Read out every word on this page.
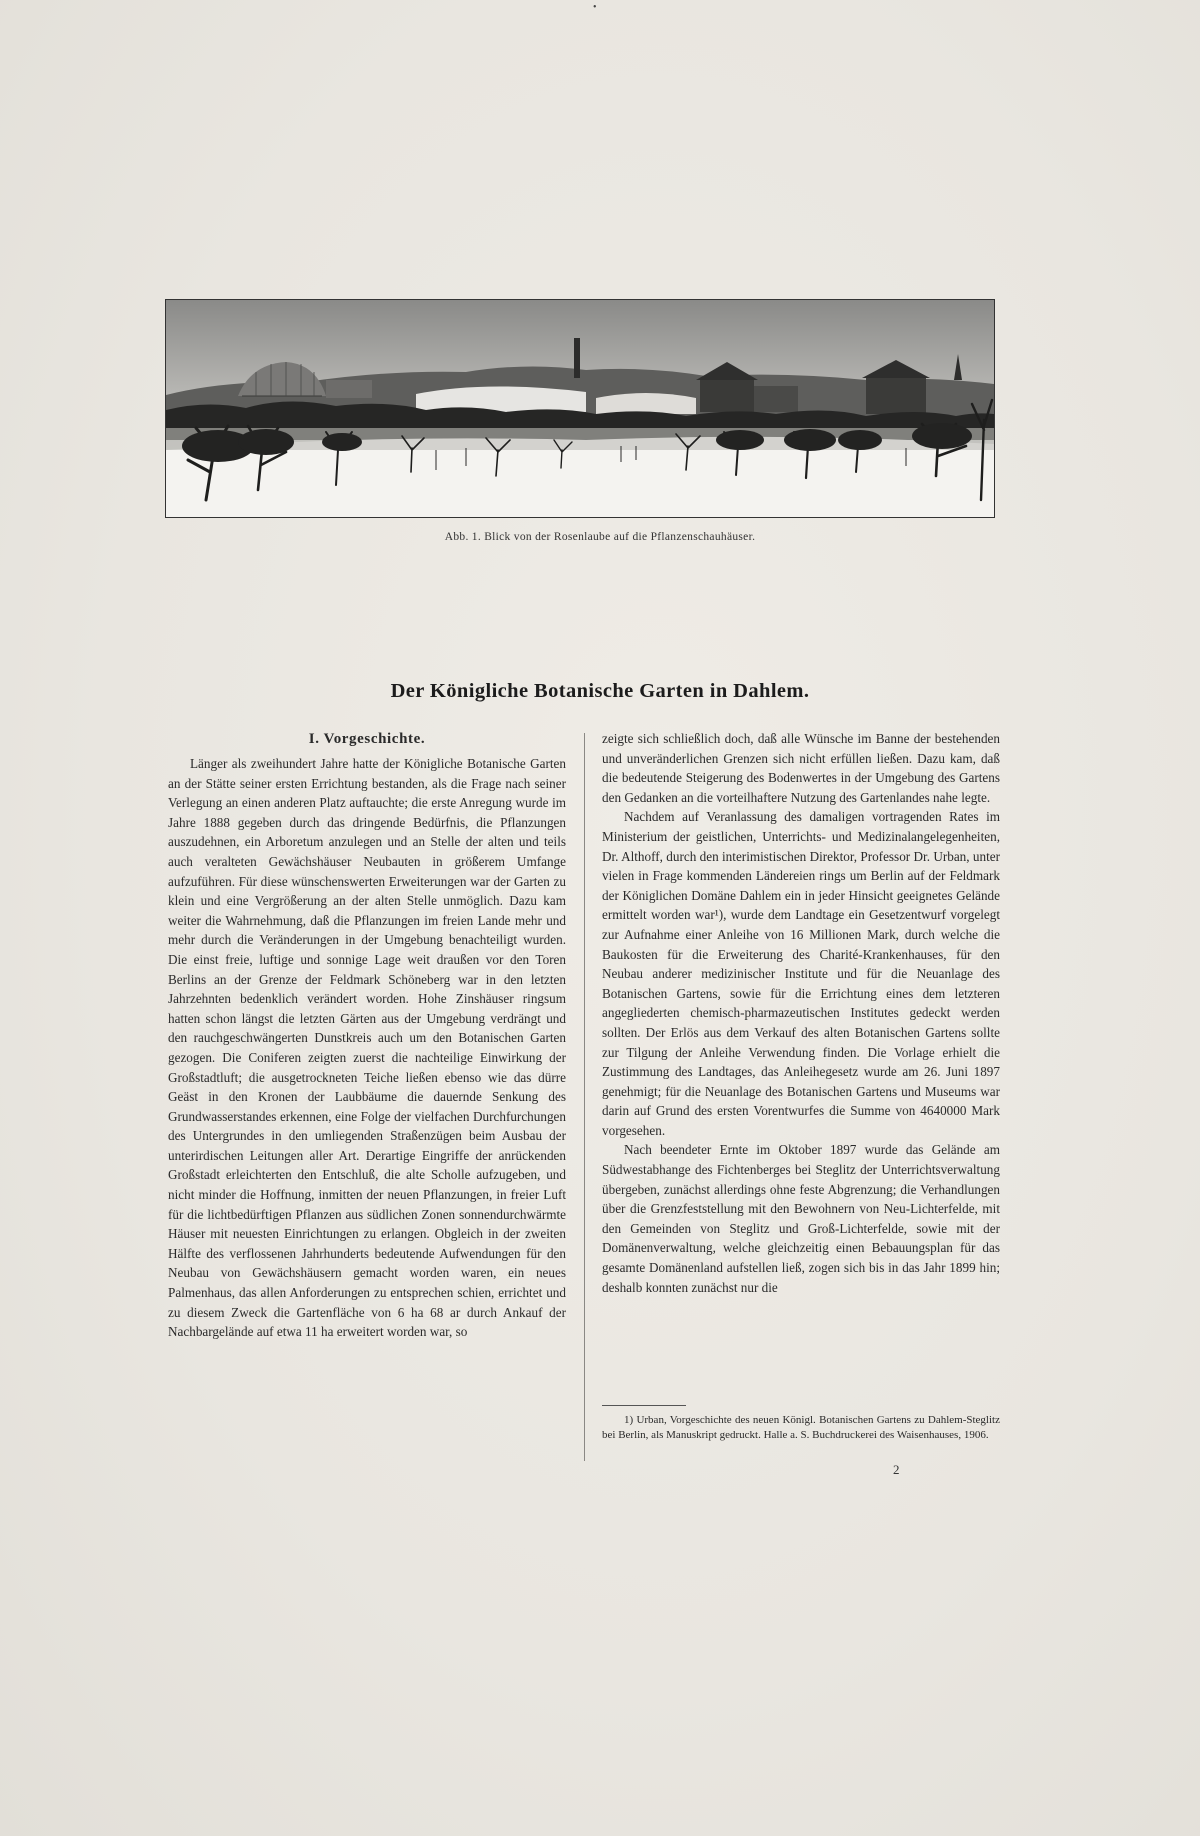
•
Abb. 1. Blick von der Rosenlaube auf die Pflanzenschauhäuser.
Der Königliche Botanische Garten in Dahlem.
I. Vorgeschichte.

Länger als zweihundert Jahre hatte der Königliche Botanische Garten an der Stätte seiner ersten Errichtung bestanden, als die Frage nach seiner Verlegung an einen anderen Platz auftauchte; die erste Anregung wurde im Jahre 1888 gegeben durch das dringende Bedürfnis, die Pflanzungen auszudehnen, ein Arboretum anzulegen und an Stelle der alten und teils auch veralteten Gewächshäuser Neubauten in größerem Umfange aufzuführen. Für diese wünschenswerten Erweiterungen war der Garten zu klein und eine Vergrößerung an der alten Stelle unmöglich. Dazu kam weiter die Wahrnehmung, daß die Pflanzungen im freien Lande mehr und mehr durch die Veränderungen in der Umgebung benachteiligt wurden. Die einst freie, luftige und sonnige Lage weit draußen vor den Toren Berlins an der Grenze der Feldmark Schöneberg war in den letzten Jahrzehnten bedenklich verändert worden. Hohe Zinshäuser ringsum hatten schon längst die letzten Gärten aus der Umgebung verdrängt und den rauchgeschwängerten Dunstkreis auch um den Botanischen Garten gezogen. Die Coniferen zeigten zuerst die nachteilige Einwirkung der Großstadtluft; die ausgetrockneten Teiche ließen ebenso wie das dürre Geäst in den Kronen der Laubbäume die dauernde Senkung des Grundwasserstandes erkennen, eine Folge der vielfachen Durchfurchungen des Untergrundes in den umliegenden Straßenzügen beim Ausbau der unterirdischen Leitungen aller Art. Derartige Eingriffe der anrückenden Großstadt erleichterten den Entschluß, die alte Scholle aufzugeben, und nicht minder die Hoffnung, inmitten der neuen Pflanzungen, in freier Luft für die lichtbedürftigen Pflanzen aus südlichen Zonen sonnendurchwärmte Häuser mit neuesten Einrichtungen zu erlangen. Obgleich in der zweiten Hälfte des verflossenen Jahrhunderts bedeutende Aufwendungen für den Neubau von Gewächshäusern gemacht worden waren, ein neues Palmenhaus, das allen Anforderungen zu entsprechen schien, errichtet und zu diesem Zweck die Gartenfläche von 6 ha 68 ar durch Ankauf der Nachbargelände auf etwa 11 ha erweitert worden war, so

zeigte sich schließlich doch, daß alle Wünsche im Banne der bestehenden und unveränderlichen Grenzen sich nicht erfüllen ließen. Dazu kam, daß die bedeutende Steigerung des Bodenwertes in der Umgebung des Gartens den Gedanken an die vorteilhaftere Nutzung des Gartenlandes nahe legte.

Nachdem auf Veranlassung des damaligen vortragenden Rates im Ministerium der geistlichen, Unterrichts- und Medizinalangelegenheiten, Dr. Althoff, durch den interimistischen Direktor, Professor Dr. Urban, unter vielen in Frage kommenden Ländereien rings um Berlin auf der Feldmark der Königlichen Domäne Dahlem ein in jeder Hinsicht geeignetes Gelände ermittelt worden war¹), wurde dem Landtage ein Gesetzentwurf vorgelegt zur Aufnahme einer Anleihe von 16 Millionen Mark, durch welche die Baukosten für die Erweiterung des Charité-Krankenhauses, für den Neubau anderer medizinischer Institute und für die Neuanlage des Botanischen Gartens, sowie für die Errichtung eines dem letzteren angegliederten chemisch-pharmazeutischen Institutes gedeckt werden sollten. Der Erlös aus dem Verkauf des alten Botanischen Gartens sollte zur Tilgung der Anleihe Verwendung finden. Die Vorlage erhielt die Zustimmung des Landtages, das Anleihegesetz wurde am 26. Juni 1897 genehmigt; für die Neuanlage des Botanischen Gartens und Museums war darin auf Grund des ersten Vorentwurfes die Summe von 4640000 Mark vorgesehen.

Nach beendeter Ernte im Oktober 1897 wurde das Gelände am Südwestabhange des Fichtenberges bei Steglitz der Unterrichtsverwaltung übergeben, zunächst allerdings ohne feste Abgrenzung; die Verhandlungen über die Grenzfeststellung mit den Bewohnern von Neu-Lichterfelde, mit den Gemeinden von Steglitz und Groß-Lichterfelde, sowie mit der Domänenverwaltung, welche gleichzeitig einen Bebauungsplan für das gesamte Domänenland aufstellen ließ, zogen sich bis in das Jahr 1899 hin; deshalb konnten zunächst nur die

1) Urban, Vorgeschichte des neuen Königl. Botanischen Gartens zu Dahlem-Steglitz bei Berlin, als Manuskript gedruckt. Halle a. S. Buchdruckerei des Waisenhauses, 1906.

2
